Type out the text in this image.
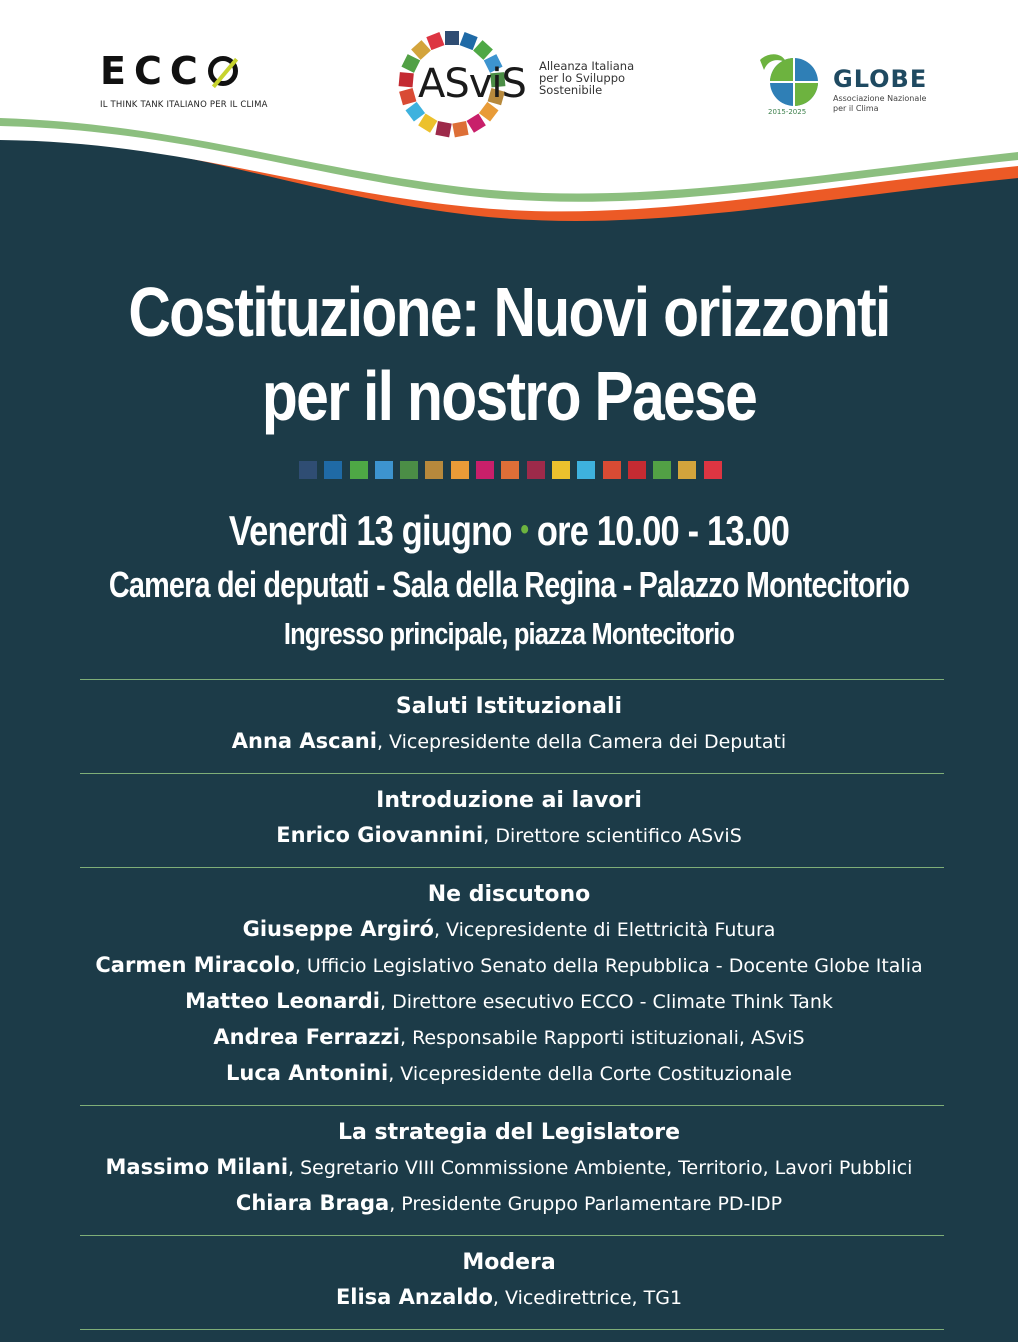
ECC
IL THINK TANK ITALIANO PER IL CLIMA	ASviS Alleanza Italiana
per lo Sviluppo
Sostenibile
2015-2025
GLOBE
Associazione Nazionale
per il Clima
Costituzione: Nuovi orizzonti
per il nostro Paese
Venerdì 13 giugno • ore 10.00 - 13.00
Camera dei deputati - Sala della Regina - Palazzo Montecitorio
Ingresso principale, piazza Montecitorio
Saluti Istituzionali
Anna Ascani, Vicepresidente della Camera dei Deputati
Introduzione ai lavori
Enrico Giovannini, Direttore scientifico ASviS
Ne discutono
Giuseppe Argiró, Vicepresidente di Elettricità Futura
Carmen Miracolo, Ufficio Legislativo Senato della Repubblica - Docente Globe Italia
Matteo Leonardi, Direttore esecutivo ECCO - Climate Think Tank
Andrea Ferrazzi, Responsabile Rapporti istituzionali, ASviS
Luca Antonini, Vicepresidente della Corte Costituzionale
La strategia del Legislatore
Massimo Milani, Segretario VIII Commissione Ambiente, Territorio, Lavori Pubblici
Chiara Braga, Presidente Gruppo Parlamentare PD-IDP
Modera
Elisa Anzaldo, Vicedirettrice, TG1
